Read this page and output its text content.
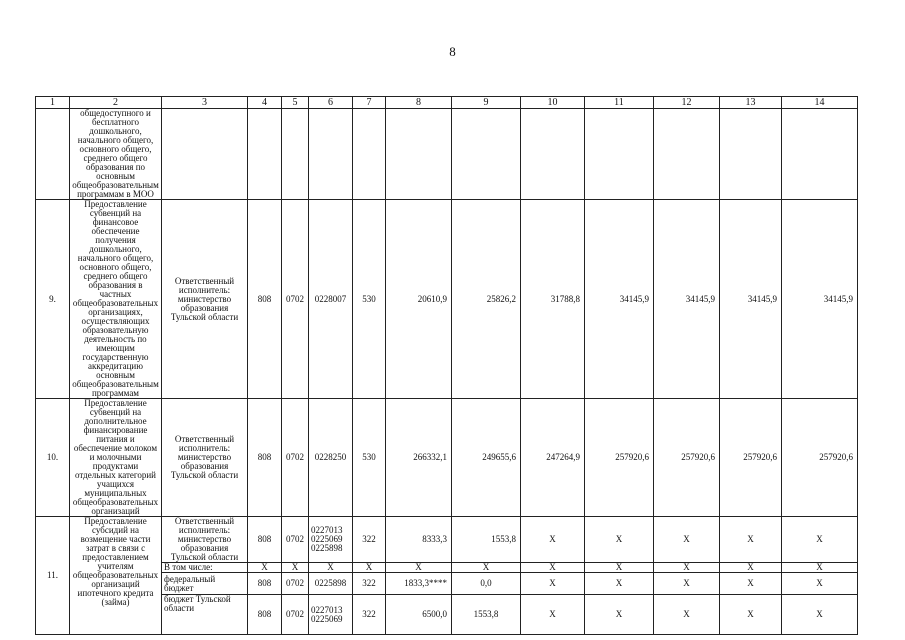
8
1	2	3	4	5	6	7	8	9	10	11	12	13	14
	общедоступного и бесплатного дошкольного, начального общего, основного общего, среднего общего образования по основным общеобразовательным программам в МОО												
9.	Предоставление субвенций на финансовое обеспечение получения дошкольного, начального общего, основного общего, среднего общего образования в частных общеобразовательных организациях, осуществляющих образовательную деятельность по имеющим государственную аккредитацию основным общеобразовательным программам	Ответственный исполнитель: министерство образования Тульской области	808	0702	0228007	530	20610,9	25826,2	31788,8	34145,9	34145,9	34145,9	34145,9
10.	Предоставление субвенций на дополнительное финансирование питания и обеспечение молоком и молочными продуктами отдельных категорий учащихся муниципальных общеобразовательных организаций	Ответственный исполнитель: министерство образования Тульской области	808	0702	0228250	530	266332,1	249655,6	247264,9	257920,6	257920,6	257920,6	257920,6
11.	Предоставление субсидий на возмещение части затрат в связи с предоставлением учителям общеобразовательных организаций ипотечного кредита (займа)	Ответственный исполнитель: министерство образования Тульской области	808	0702	0227013
0225069
0225898	322	8333,3	1553,8	Х	Х	Х	Х	Х
		В том числе:	Х	Х	Х	Х	Х	Х	Х	Х	Х	Х	Х
		федеральный бюджет	808	0702	0225898	322	1833,3****	0,0	Х	Х	Х	Х	Х
		бюджет Тульской области	808	0702	0227013
0225069	322	6500,0	1553,8	Х	Х	Х	Х	Х
